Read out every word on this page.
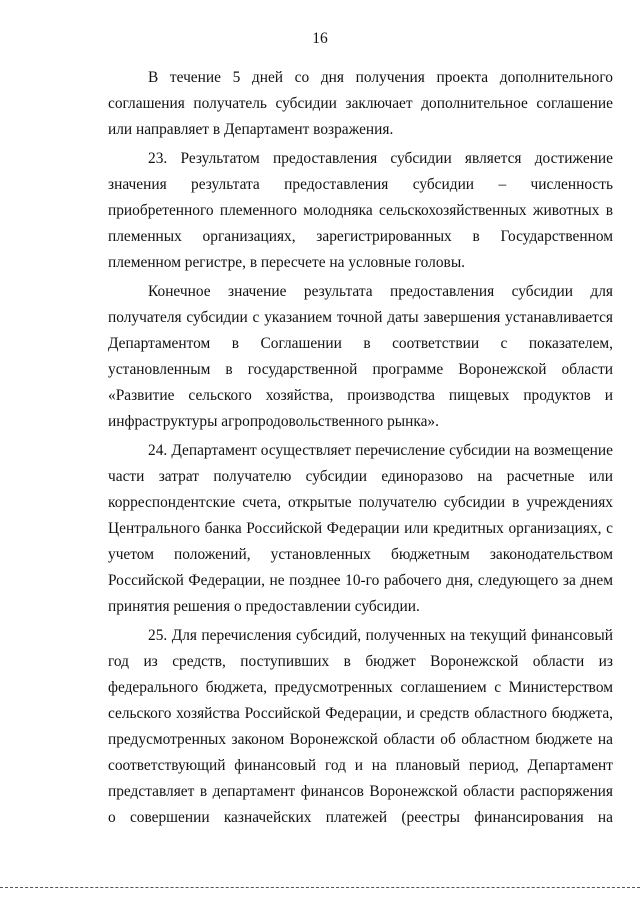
16

В течение 5 дней со дня получения проекта дополнительного соглашения получатель субсидии заключает дополнительное соглашение или направляет в Департамент возражения.

23. Результатом предоставления субсидии является достижение значения результата предоставления субсидии – численность приобретенного племенного молодняка сельскохозяйственных животных в племенных организациях, зарегистрированных в Государственном племенном регистре, в пересчете на условные головы.

Конечное значение результата предоставления субсидии для получателя субсидии с указанием точной даты завершения устанавливается Департаментом в Соглашении в соответствии с показателем, установленным в государственной программе Воронежской области «Развитие сельского хозяйства, производства пищевых продуктов и инфраструктуры агропродовольственного рынка».

24. Департамент осуществляет перечисление субсидии на возмещение части затрат получателю субсидии единоразово на расчетные или корреспондентские счета, открытые получателю субсидии в учреждениях Центрального банка Российской Федерации или кредитных организациях, с учетом положений, установленных бюджетным законодательством Российской Федерации, не позднее 10-го рабочего дня, следующего за днем принятия решения о предоставлении субсидии.

25. Для перечисления субсидий, полученных на текущий финансовый год из средств, поступивших в бюджет Воронежской области из федерального бюджета, предусмотренных соглашением с Министерством сельского хозяйства Российской Федерации, и средств областного бюджета, предусмотренных законом Воронежской области об областном бюджете на соответствующий финансовый год и на плановый период, Департамент представляет в департамент финансов Воронежской области распоряжения о совершении казначейских платежей (реестры финансирования на
